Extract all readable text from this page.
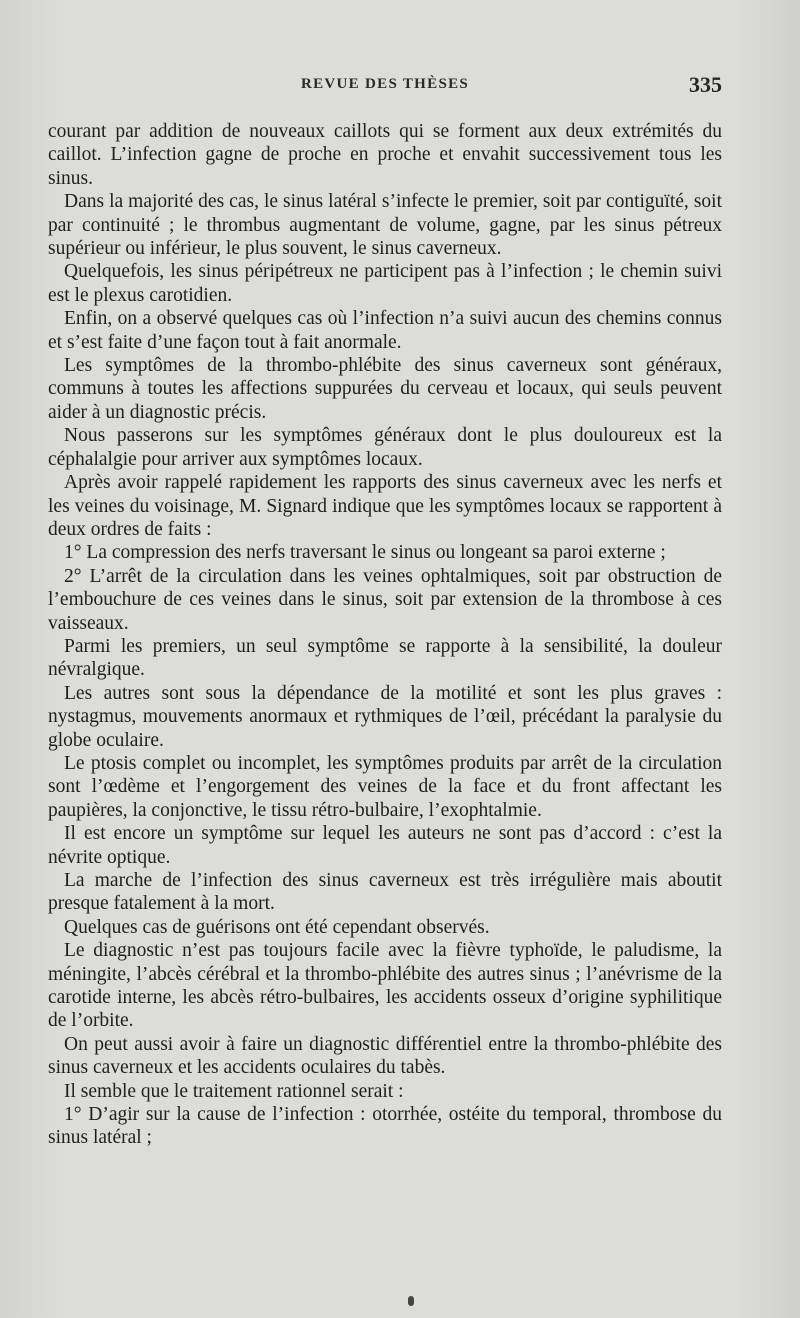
REVUE DES THÈSES	335

courant par addition de nouveaux caillots qui se forment aux deux extrémités du caillot. L’infection gagne de proche en proche et envahit successivement tous les sinus.

Dans la majorité des cas, le sinus latéral s’infecte le premier, soit par contiguïté, soit par continuité ; le thrombus augmentant de volume, gagne, par les sinus pétreux supérieur ou inférieur, le plus souvent, le sinus caverneux.

Quelquefois, les sinus péripétreux ne participent pas à l’infection ; le chemin suivi est le plexus carotidien.

Enfin, on a observé quelques cas où l’infection n’a suivi aucun des chemins connus et s’est faite d’une façon tout à fait anormale.

Les symptômes de la thrombo-phlébite des sinus caverneux sont généraux, communs à toutes les affections suppurées du cerveau et locaux, qui seuls peuvent aider à un diagnostic précis.

Nous passerons sur les symptômes généraux dont le plus douloureux est la céphalalgie pour arriver aux symptômes locaux.

Après avoir rappelé rapidement les rapports des sinus caverneux avec les nerfs et les veines du voisinage, M. Signard indique que les symptômes locaux se rapportent à deux ordres de faits :

1° La compression des nerfs traversant le sinus ou longeant sa paroi externe ;

2° L’arrêt de la circulation dans les veines ophtalmiques, soit par obstruction de l’embouchure de ces veines dans le sinus, soit par extension de la thrombose à ces vaisseaux.

Parmi les premiers, un seul symptôme se rapporte à la sensibilité, la douleur névralgique.

Les autres sont sous la dépendance de la motilité et sont les plus graves : nystagmus, mouvements anormaux et rythmiques de l’œil, précédant la paralysie du globe oculaire.

Le ptosis complet ou incomplet, les symptômes produits par arrêt de la circulation sont l’œdème et l’engorgement des veines de la face et du front affectant les paupières, la conjonctive, le tissu rétro-bulbaire, l’exophtalmie.

Il est encore un symptôme sur lequel les auteurs ne sont pas d’accord : c’est la névrite optique.

La marche de l’infection des sinus caverneux est très irrégulière mais aboutit presque fatalement à la mort.

Quelques cas de guérisons ont été cependant observés.

Le diagnostic n’est pas toujours facile avec la fièvre typhoïde, le paludisme, la méningite, l’abcès cérébral et la thrombo-phlébite des autres sinus ; l’anévrisme de la carotide interne, les abcès rétro-bulbaires, les accidents osseux d’origine syphilitique de l’orbite.

On peut aussi avoir à faire un diagnostic différentiel entre la thrombo-phlébite des sinus caverneux et les accidents oculaires du tabès.

Il semble que le traitement rationnel serait :

1° D’agir sur la cause de l’infection : otorrhée, ostéite du temporal, thrombose du sinus latéral ;
